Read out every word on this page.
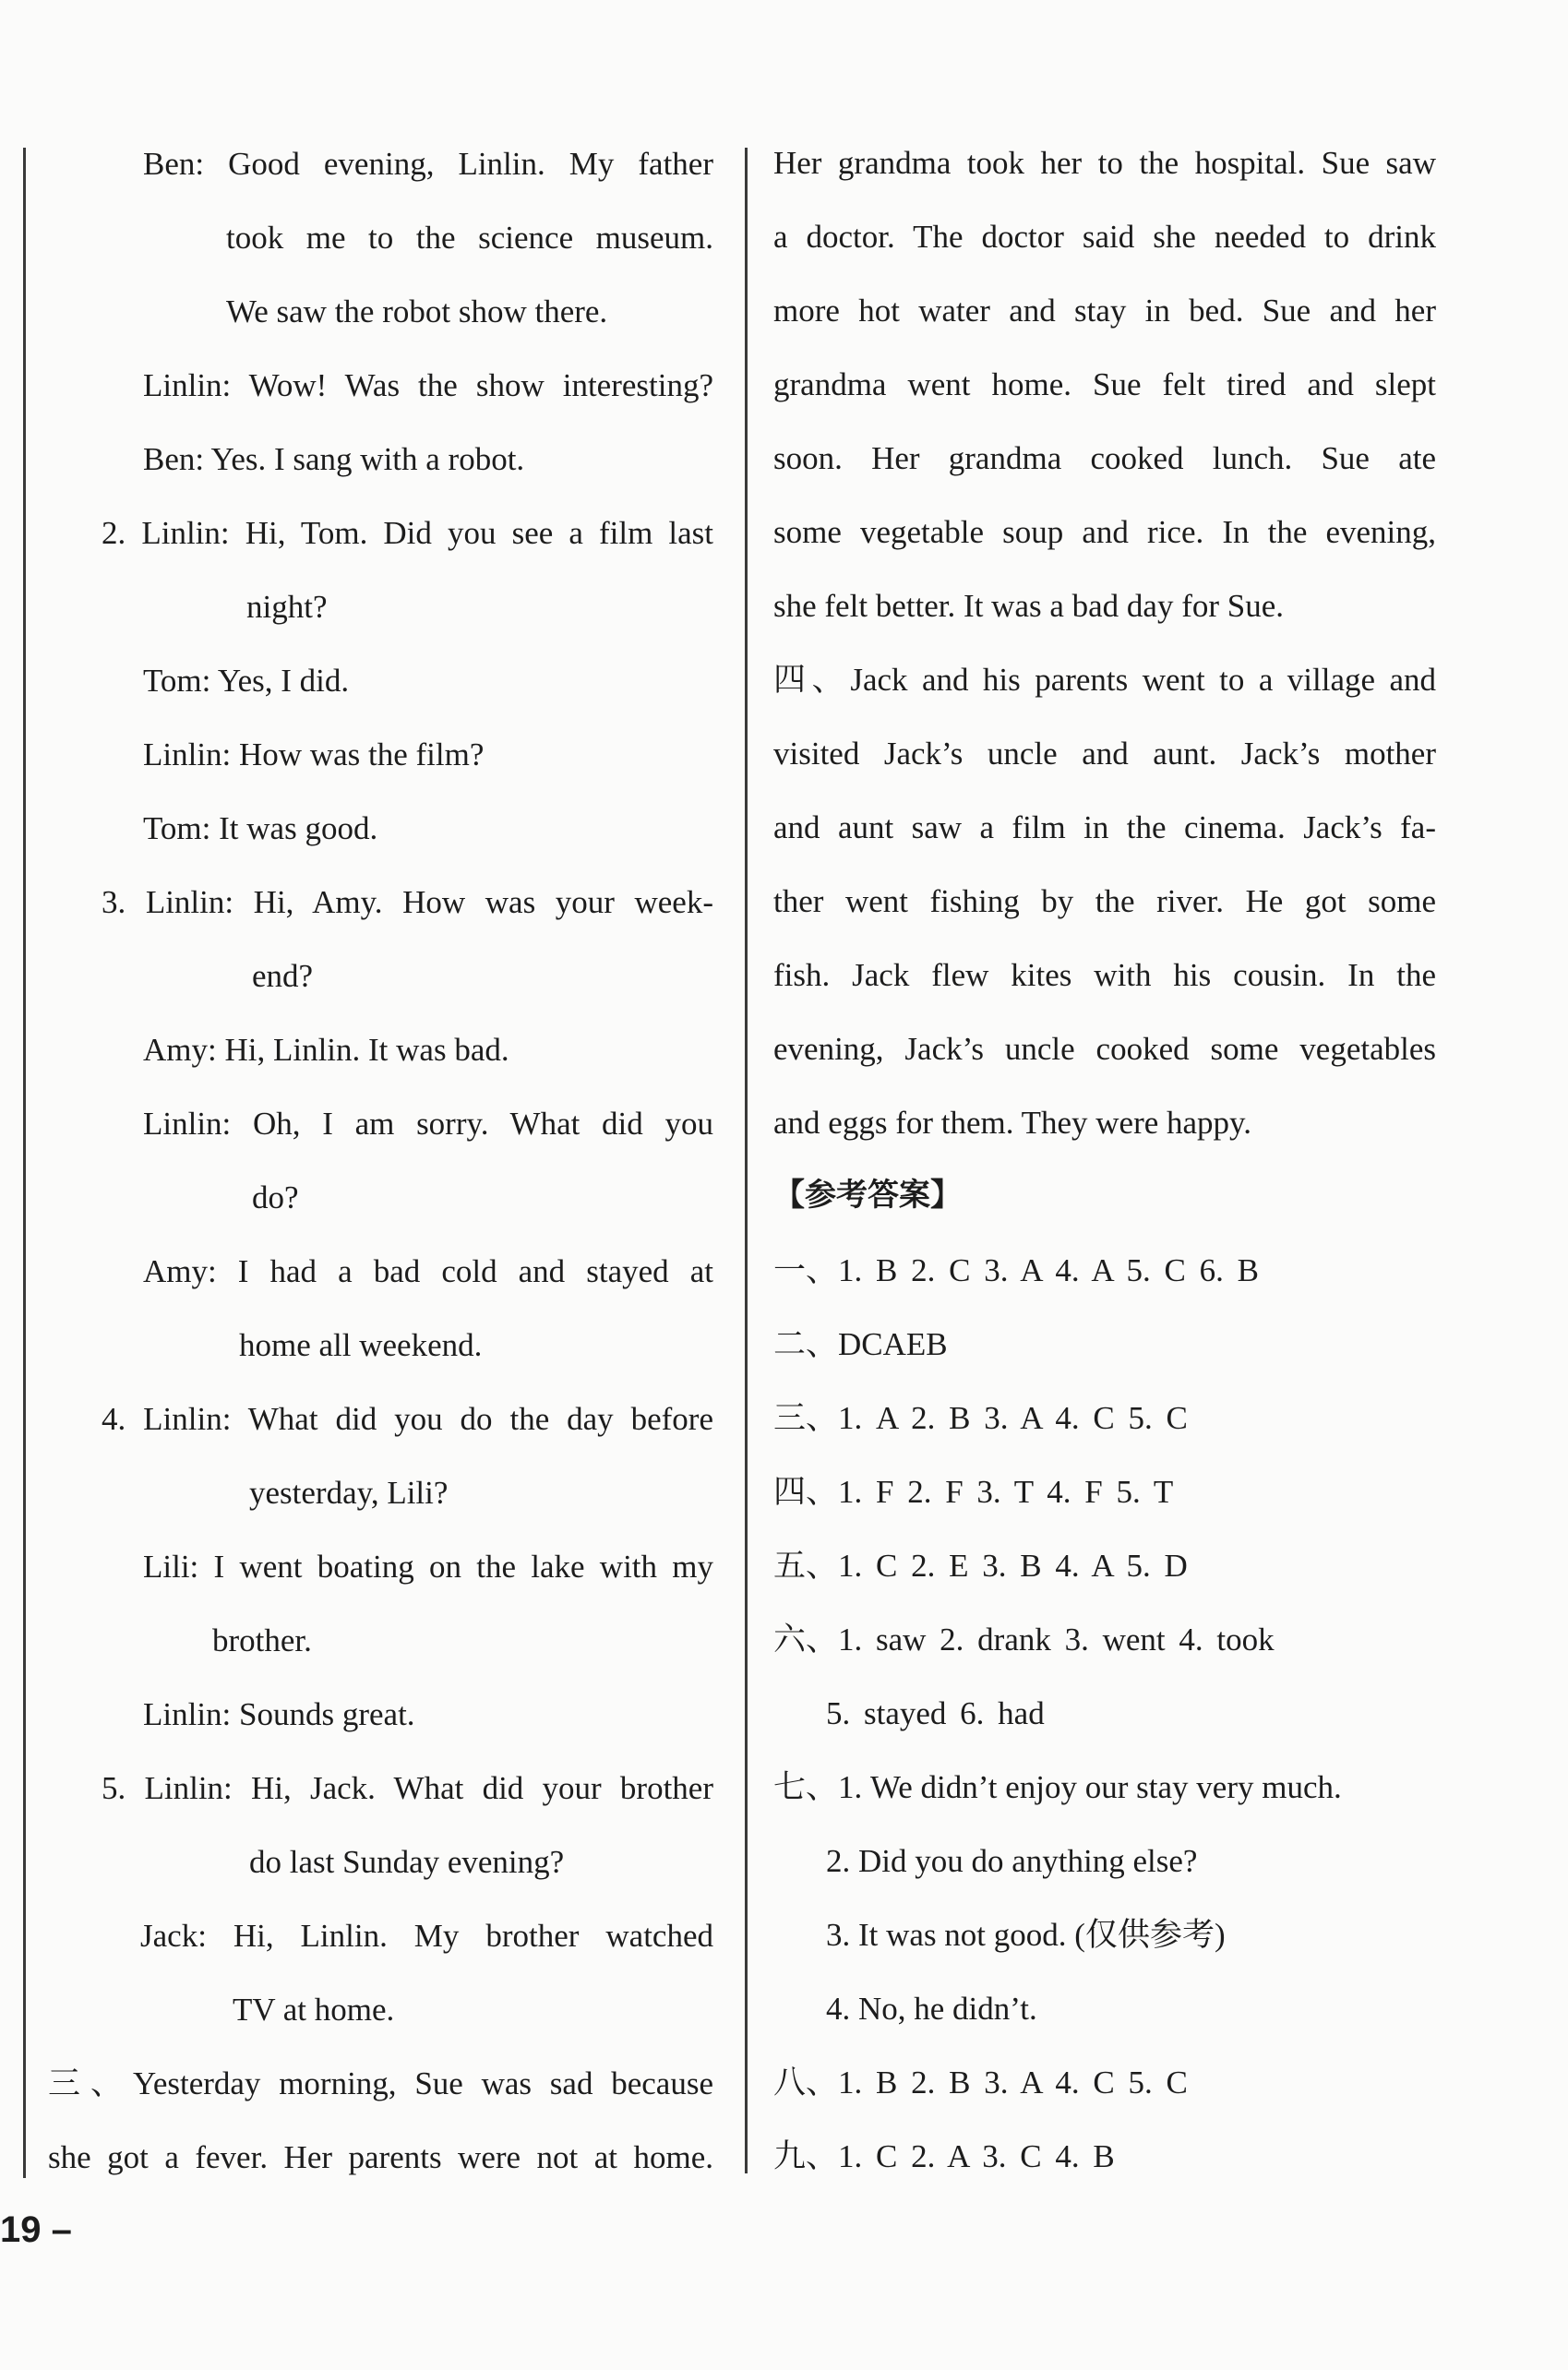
Ben: Good evening, Linlin. My father
took me to the science museum.
We saw the robot show there.
Linlin: Wow! Was the show interesting?
Ben: Yes. I sang with a robot.
2. Linlin: Hi, Tom. Did you see a film last
night?
Tom: Yes, I did.
Linlin: How was the film?
Tom: It was good.
3. Linlin: Hi, Amy. How was your week-
end?
Amy: Hi, Linlin. It was bad.
Linlin: Oh, I am sorry. What did you
do?
Amy: I had a bad cold and stayed at
home all weekend.
4. Linlin: What did you do the day before
yesterday, Lili?
Lili: I went boating on the lake with my
brother.
Linlin: Sounds great.
5. Linlin: Hi, Jack. What did your brother
do last Sunday evening?
Jack: Hi, Linlin. My brother watched
TV at home.
三、Yesterday morning, Sue was sad because
she got a fever. Her parents were not at home.
Her grandma took her to the hospital. Sue saw
a doctor. The doctor said she needed to drink
more hot water and stay in bed. Sue and her
grandma went home. Sue felt tired and slept
soon. Her grandma cooked lunch. Sue ate
some vegetable soup and rice. In the evening,
she felt better. It was a bad day for Sue.
四、Jack and his parents went to a village and
visited Jack’s uncle and aunt. Jack’s mother
and aunt saw a film in the cinema. Jack’s fa-
ther went fishing by the river. He got some
fish. Jack flew kites with his cousin. In the
evening, Jack’s uncle cooked some vegetables
and eggs for them. They were happy.
【参考答案】
一、1. B 2. C 3. A 4. A 5. C 6. B
二、DCAEB
三、1. A 2. B 3. A 4. C 5. C
四、1. F 2. F 3. T 4. F 5. T
五、1. C 2. E 3. B 4. A 5. D
六、1. saw 2. drank 3. went 4. took
5. stayed 6. had
七、1. We didn’t enjoy our stay very much.
2. Did you do anything else?
3. It was not good. (仅供参考)
4. No, he didn’t.
八、1. B 2. B 3. A 4. C 5. C
九、1. C 2. A 3. C 4. B
19 –
